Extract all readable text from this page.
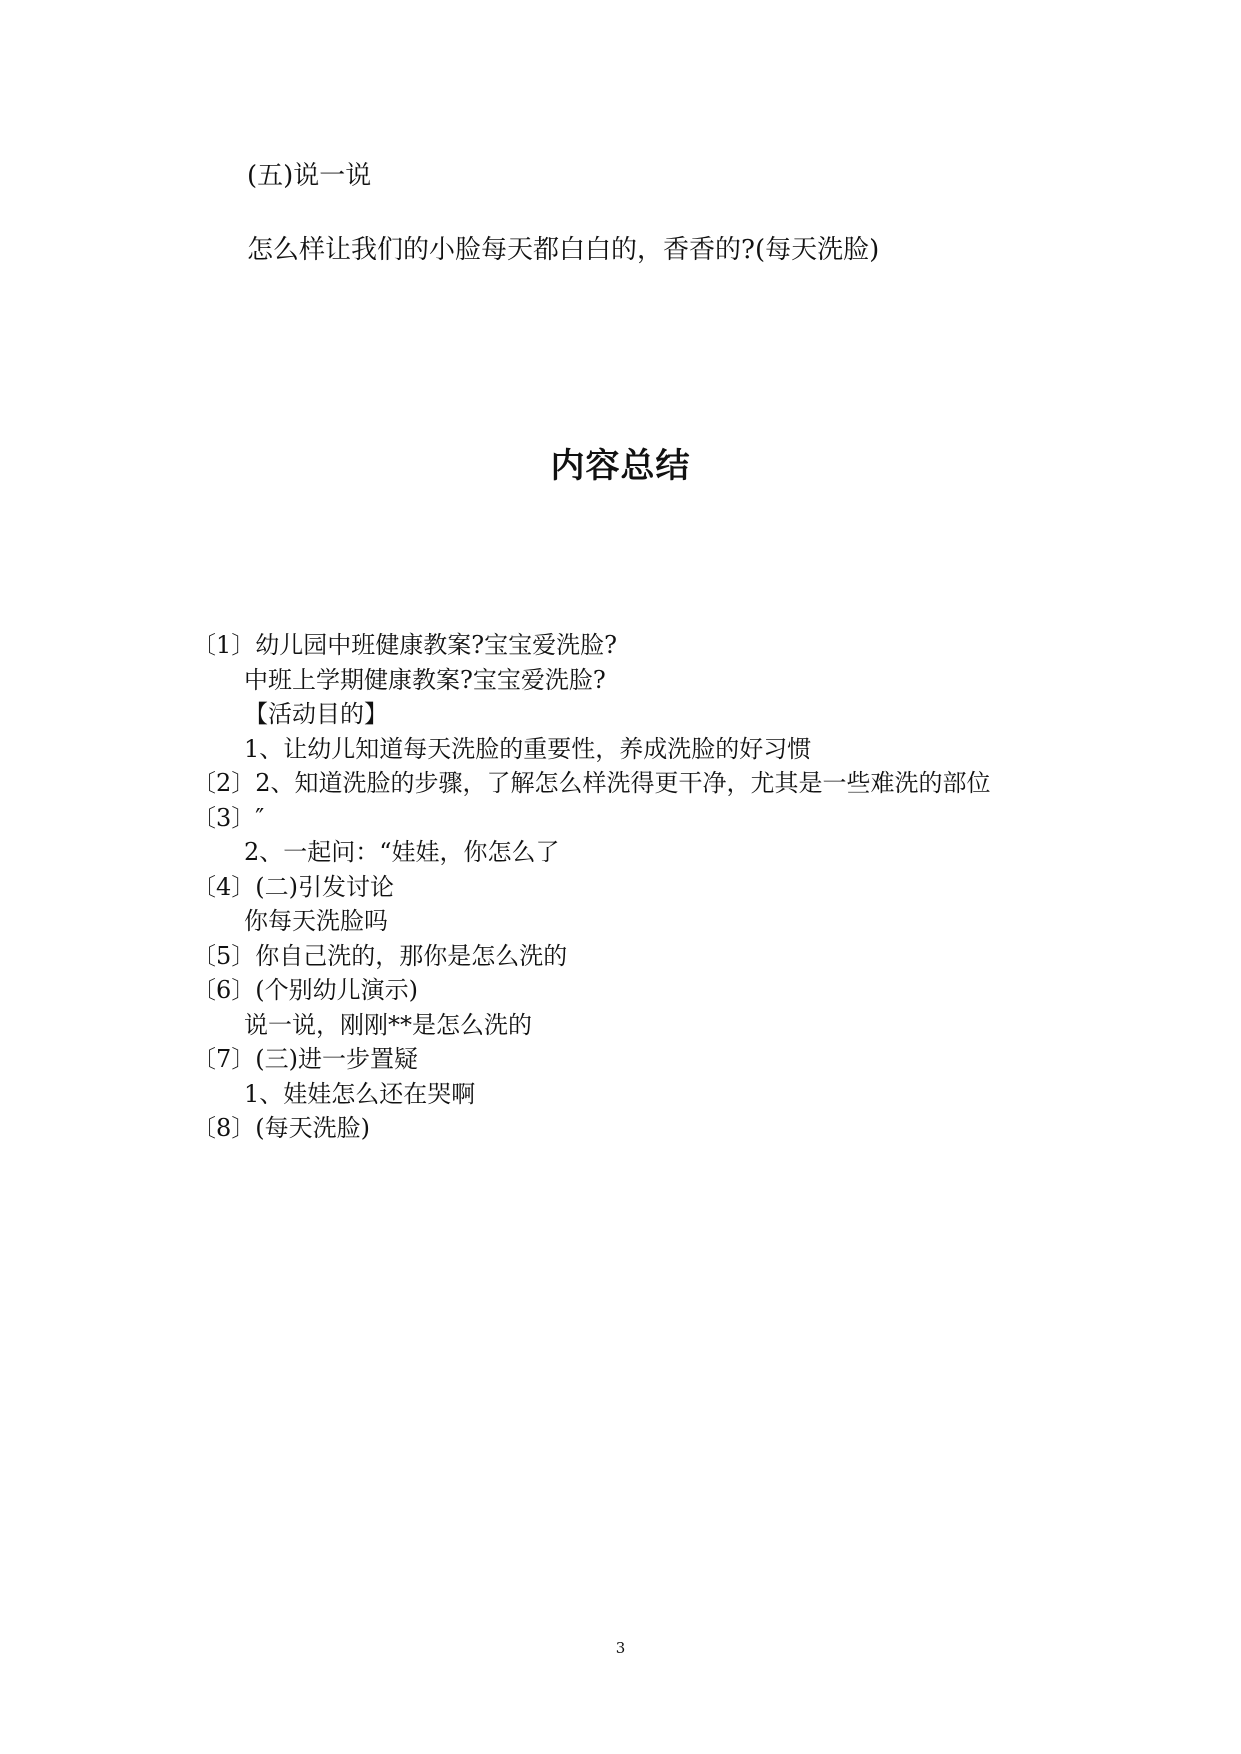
(五)说一说
怎么样让我们的小脸每天都白白的，香香的?(每天洗脸)
内容总结
〔1〕幼儿园中班健康教案?宝宝爱洗脸?
中班上学期健康教案?宝宝爱洗脸?
【活动目的】
1、让幼儿知道每天洗脸的重要性，养成洗脸的好习惯
〔2〕2、知道洗脸的步骤，了解怎么样洗得更干净，尤其是一些难洗的部位
〔3〕″
2、一起问：“娃娃，你怎么了
〔4〕(二)引发讨论
你每天洗脸吗
〔5〕你自己洗的，那你是怎么洗的
〔6〕(个别幼儿演示)
说一说，刚刚**是怎么洗的
〔7〕(三)进一步置疑
1、娃娃怎么还在哭啊
〔8〕(每天洗脸)
3
